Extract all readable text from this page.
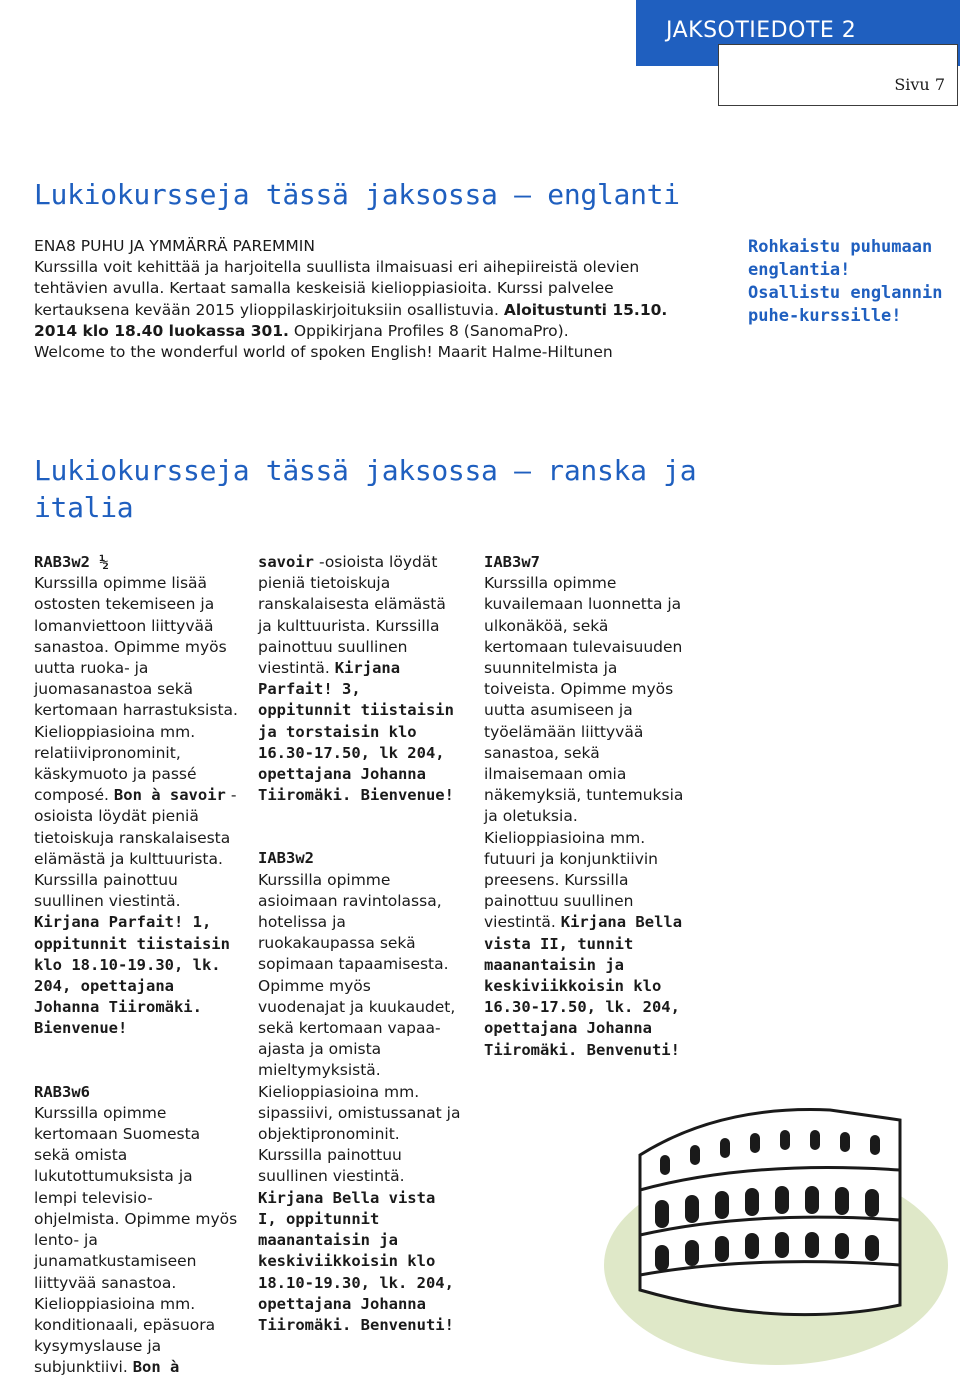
JAKSOTIEDOTE 2
Sivu 7
Lukiokursseja tässä jaksossa — englanti
ENA8 PUHU JA YMMÄRRÄ PAREMMIN
Kurssilla voit kehittää ja harjoitella suullista ilmaisuasi eri aihepiireistä olevien tehtävien avulla. Kertaat samalla keskeisiä kielioppiasioita. Kurssi palvelee kertauksena kevään 2015 ylioppilaskirjoituksiin osallistuvia. Aloitustunti 15.10. 2014 klo 18.40 luokassa 301. Oppikirjana Profiles 8 (SanomaPro).
Welcome to the wonderful world of spoken English! Maarit Halme-Hiltunen
Rohkaistu puhumaan englantia!
Osallistu englannin puhe-kurssille!
Lukiokursseja tässä jaksossa — ranska ja italia

RAB3w2 ½

Kurssilla opimme lisää ostosten tekemiseen ja lomanviettoon liittyvää sanastoa. Opimme myös uutta ruoka- ja juomasanastoa sekä kertomaan harrastuksista. Kielioppiasioina mm. relatiivipronominit, käskymuoto ja passé composé. Bon à savoir -osioista löydät pieniä tietoiskuja ranskalaisesta elämästä ja kulttuurista. Kurssilla painottuu suullinen viestintä. Kirjana Parfait! 1, oppitunnit tiistaisin klo 18.10-19.30, lk. 204, opettajana Johanna Tiiromäki. Bienvenue!

RAB3w6

Kurssilla opimme kertomaan Suomesta sekä omista lukutottumuksista ja lempi televisio-ohjelmista. Opimme myös lento- ja junamatkustamiseen liittyvää sanastoa. Kielioppiasioina mm. konditionaali, epäsuora kysymyslause ja subjunktiivi. Bon à

savoir -osioista löydät pieniä tietoiskuja ranskalaisesta elämästä ja kulttuurista. Kurssilla painottuu suullinen viestintä. Kirjana Parfait! 3, oppitunnit tiistaisin ja torstaisin klo 16.30-17.50, lk 204, opettajana Johanna Tiiromäki. Bienvenue!

IAB3w2

Kurssilla opimme asioimaan ravintolassa, hotelissa ja ruokakaupassa sekä sopimaan tapaamisesta. Opimme myös vuodenajat ja kuukaudet, sekä kertomaan vapaa-ajasta ja omista mieltymyksistä. Kielioppiasioina mm. sipassiivi, omistussanat ja objektipronominit. Kurssilla painottuu suullinen viestintä. Kirjana Bella vista I, oppitunnit maanantaisin ja keskiviikkoisin klo 18.10-19.30, lk. 204, opettajana Johanna Tiiromäki. Benvenuti!

IAB3w7

Kurssilla opimme kuvailemaan luonnetta ja ulkonäköä, sekä kertomaan tulevaisuuden suunnitelmista ja toiveista. Opimme myös uutta asumiseen ja työelämään liittyvää sanastoa, sekä ilmaisemaan omia näkemyksiä, tuntemuksia ja oletuksia. Kielioppiasioina mm. futuuri ja konjunktiivin preesens. Kurssilla painottuu suullinen viestintä. Kirjana Bella vista II, tunnit maanantaisin ja keskiviikkoisin klo 16.30-17.50, lk. 204, opettajana Johanna Tiiromäki. Benvenuti!
